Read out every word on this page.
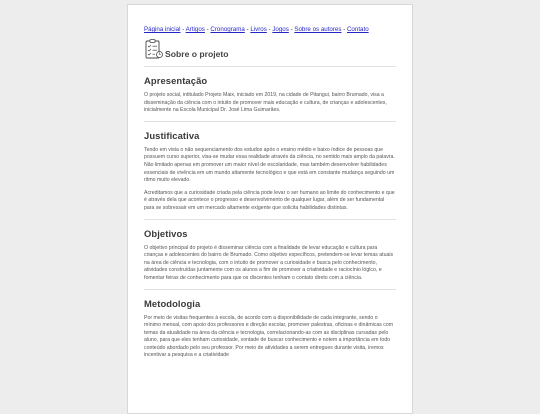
Página inicial - Artigos - Cronograma - Livros - Jogos - Sobre os autores - Contato
Sobre o projeto
Apresentação

O projeto social, intitulado Projeto Maix, iniciado em 2019, na cidade de Pitangui, bairro Brumado, visa a disseminação da ciência com o intuito de promover mais educação e cultura, de crianças e adolescentes, inicialmente na Escola Municipal Dr. José Lima Guimarães.

Justificativa

Tendo em vista o não sequenciamento dos estudos após o ensino médio e baixo índice de pessoas que possuem curso superior, visa-se mudar essa realidade através da ciência, no sentido mais amplo da palavra. Não limitado apenas em promover um maior nível de escolaridade, mas também desenvolver habilidades essenciais de vivência em um mundo altamente tecnológico e que está em constante mudança seguindo um ritmo muito elevado.

Acreditamos que a curiosidade criada pela ciência pode levar o ser humano ao limite do conhecimento e que é através dela que acontece o progresso e desenvolvimento de qualquer lugar, além de ser fundamental para se sobressair em um mercado altamente exigente que solicita habilidades distintas.

Objetivos

O objetivo principal do projeto é disseminar ciência com a finalidade de levar educação e cultura para crianças e adolescentes do bairro de Brumado. Como objetivo específicos, pretendem-se levar temas atuais na área de ciência e tecnologia, com o intuito de promover a curiosidade e busca pelo conhecimento, atividades construídas juntamente com os alunos a fim de promover a criatividade e raciocínio lógico, e fomentar feiras de conhecimento para que os discentes tenham o contato direto com a ciência.

Metodologia

Por meio de visitas frequentes à escola, de acordo com a disponibilidade de cada integrante, sendo o mínimo mensal, com apoio dos professores e direção escolar, promover palestras, oficinas e dinâmicas com temas da atualidade na área da ciência e tecnologia, correlacionando-as com as disciplinas cursadas pelo aluno, para que eles tenham curiosidade, vontade de buscar conhecimento e notem a importância em todo conteúdo abordado pelo seu professor. Por meio de atividades a serem entregues durante visita, iremos incentivar a pesquisa e a criatividade
